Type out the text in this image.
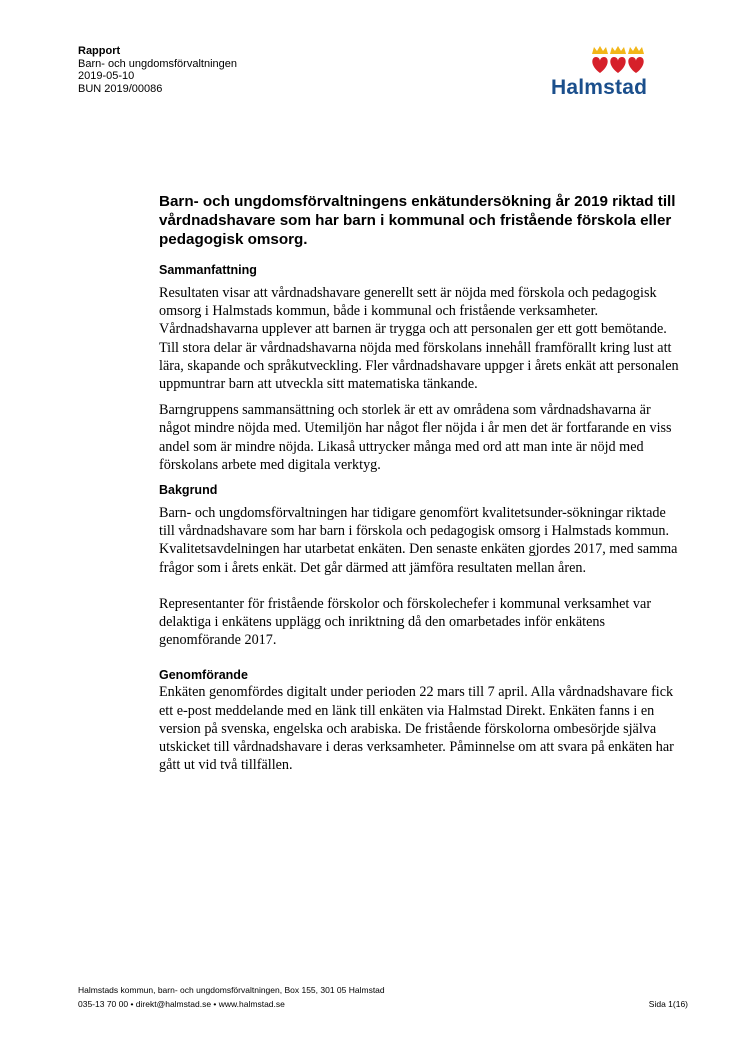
Rapport
Barn- och ungdomsförvaltningen
2019-05-10
BUN 2019/00086	Halmstad
Barn- och ungdomsförvaltningens enkätundersökning år 2019 riktad till vårdnadshavare som har barn i kommunal och fristående förskola eller pedagogisk omsorg.
Sammanfattning

Resultaten visar att vårdnadshavare generellt sett är nöjda med förskola och pedagogisk omsorg i Halmstads kommun, både i kommunal och fristående verksamheter. Vårdnadshavarna upplever att barnen är trygga och att personalen ger ett gott bemötande. Till stora delar är vårdnadshavarna nöjda med förskolans innehåll framförallt kring lust att lära, skapande och språkutveckling. Fler vårdnadshavare uppger i årets enkät att personalen uppmuntrar barn att utveckla sitt matematiska tänkande.

Barngruppens sammansättning och storlek är ett av områdena som vårdnadshavarna är något mindre nöjda med. Utemiljön har något fler nöjda i år men det är fortfarande en viss andel som är mindre nöjda. Likaså uttrycker många med ord att man inte är nöjd med förskolans arbete med digitala verktyg.

Bakgrund

Barn- och ungdomsförvaltningen har tidigare genomfört kvalitetsunder-sökningar riktade till vårdnadshavare som har barn i förskola och pedagogisk omsorg i Halmstads kommun. Kvalitetsavdelningen har utarbetat enkäten. Den senaste enkäten gjordes 2017, med samma frågor som i årets enkät. Det går därmed att jämföra resultaten mellan åren.

Representanter för fristående förskolor och förskolechefer i kommunal verksamhet var delaktiga i enkätens upplägg och inriktning då den omarbetades inför enkätens genomförande 2017.

Genomförande

Enkäten genomfördes digitalt under perioden 22 mars till 7 april. Alla vårdnadshavare fick ett e-post meddelande med en länk till enkäten via Halmstad Direkt. Enkäten fanns i en version på svenska, engelska och arabiska. De fristående förskolorna ombesörjde själva utskicket till vårdnadshavare i deras verksamheter. Påminnelse om att svara på enkäten har gått ut vid två tillfällen.

Halmstads kommun, barn- och ungdomsförvaltningen, Box 155, 301 05 Halmstad
035-13 70 00 • direkt@halmstad.se • www.halmstad.se	Sida 1(16)
